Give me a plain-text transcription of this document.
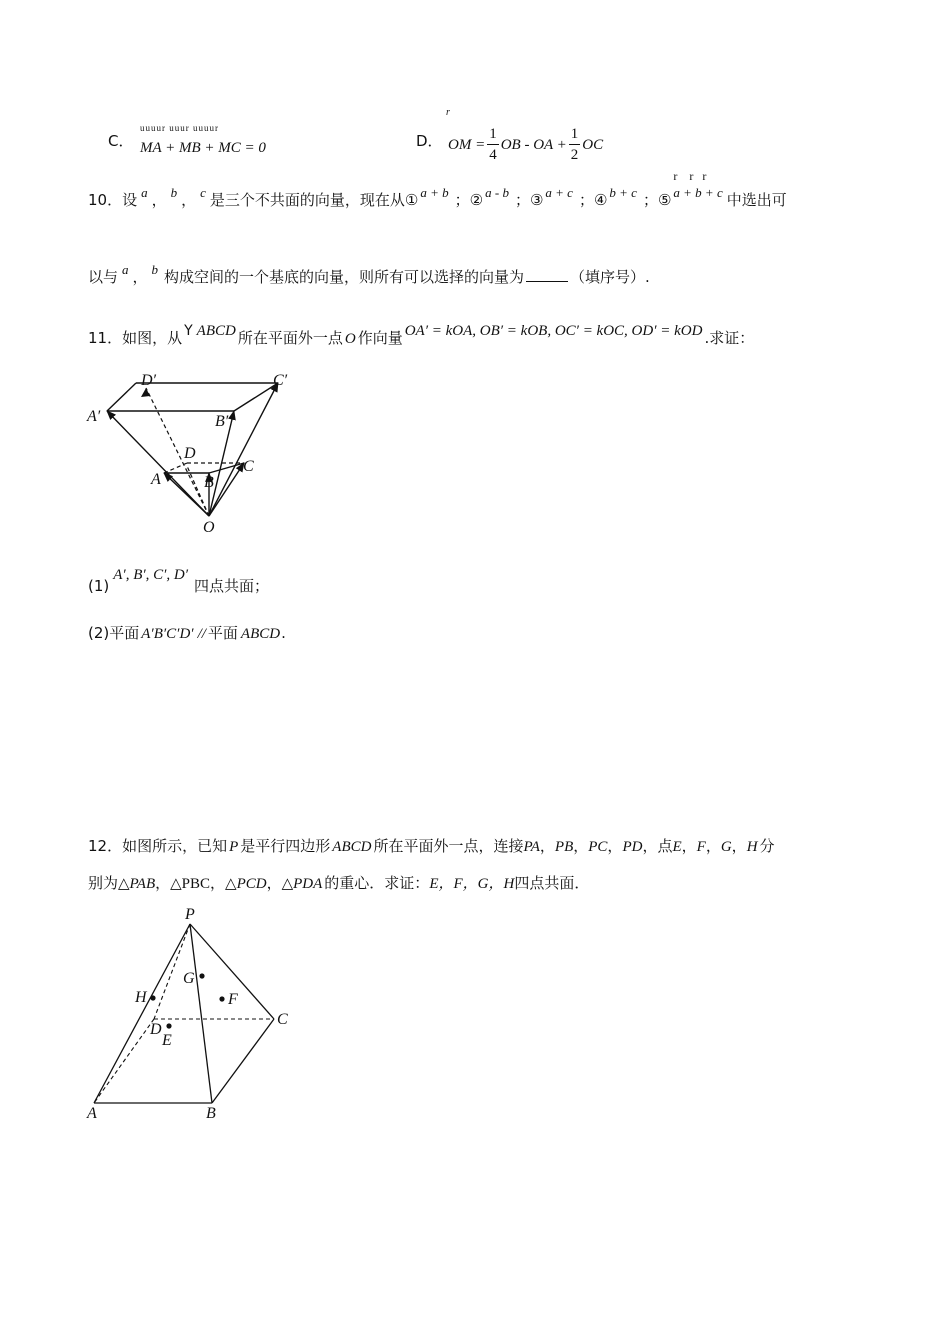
C．
uuuur uuur uuuur
MA + MB + MC = 0	D．
r
OM = $\frac{1}{4}$ OB - OA + $\frac{1}{2}$ OC
10． 设 a ， b ， c 是三个不共面的向量，现在从① a + b ；② a - b ；③ a + c ；④ b + c ；⑤
r    r   r
a + b + c 中选出可
以与 a ， b 构成空间的一个基底的向量，则所有可以选择的向量为	（填序号）.
11． 如图，从 Y ABCD 所在平面外一点 O 作向量 OA′ = kOA, OB′ = kOB, OC′ = kOC, OD′ = kOD .求证：
D′	C′
A′	B′
D
C
A	B
O
(1)
A′, B′, C′, D′
四点共面；
(2) 平面 A′B′C′D′ // 平面 ABCD .
12． 如图所示，已知 P 是平行四边形 ABCD 所在平面外一点，连接 PA ， PB ， PC ， PD ，点 E ， F ， G ， H 分
别为 △PAB ， △PBC ， △PCD ， △PDA 的重心．求证： E，F，G，H 四点共面．
P
G
H	F
C
D
E
A	B
